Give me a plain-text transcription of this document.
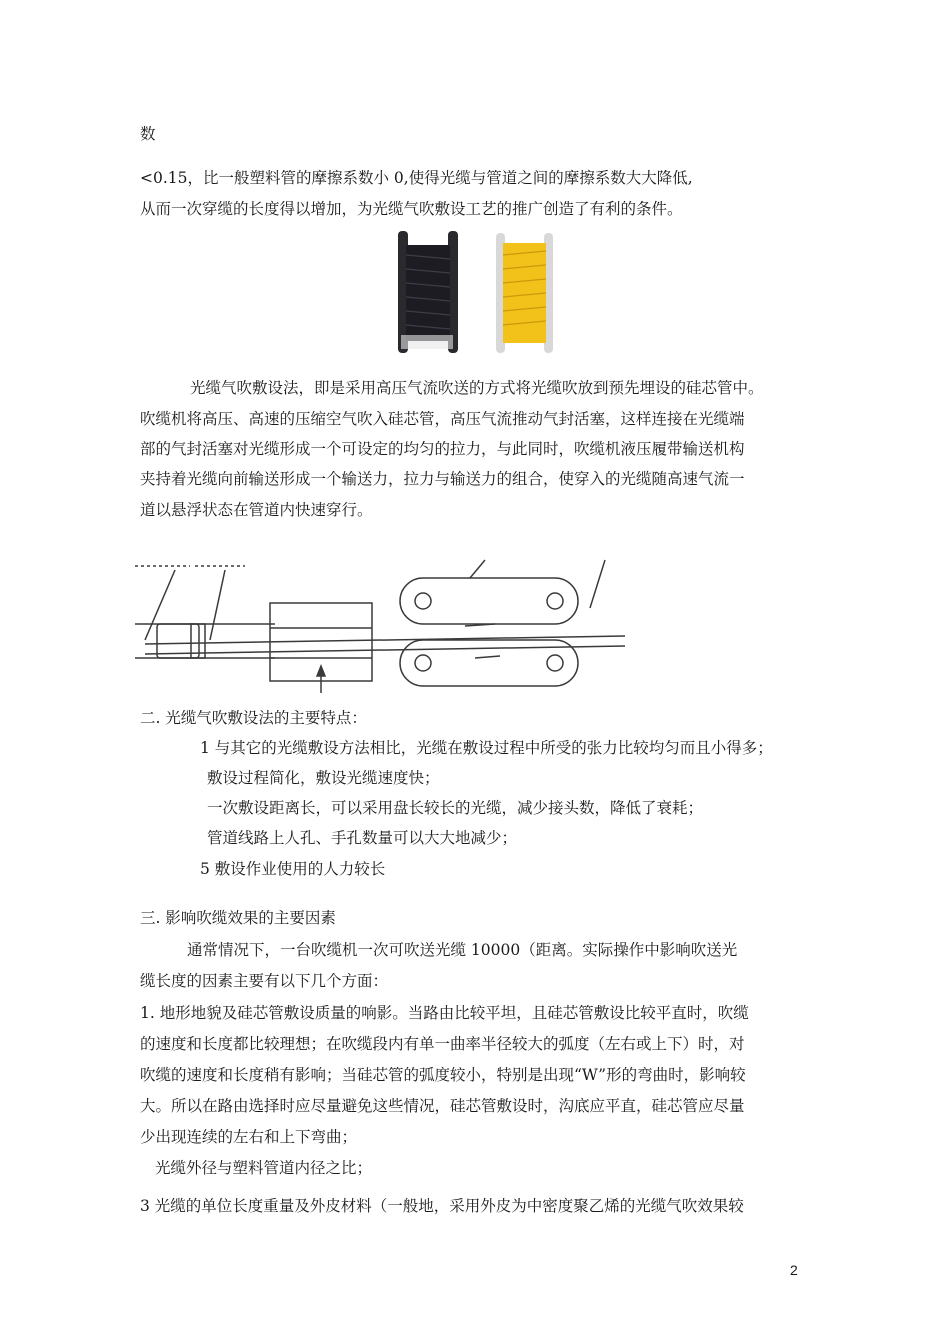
数
<0.15，比一般塑料管的摩擦系数小 0,使得光缆与管道之间的摩擦系数大大降低,
从而一次穿缆的长度得以增加，为光缆气吹敷设工艺的推广创造了有利的条件。
光缆气吹敷设法，即是采用高压气流吹送的方式将光缆吹放到预先埋设的硅芯管中。
吹缆机将高压、高速的压缩空气吹入硅芯管，高压气流推动气封活塞，这样连接在光缆端
部的气封活塞对光缆形成一个可设定的均匀的拉力，与此同时，吹缆机液压履带输送机构
夹持着光缆向前输送形成一个输送力，拉力与输送力的组合，使穿入的光缆随高速气流一
道以悬浮状态在管道内快速穿行。
二. 光缆气吹敷设法的主要特点：
1 与其它的光缆敷设方法相比，光缆在敷设过程中所受的张力比较均匀而且小得多；
敷设过程简化，敷设光缆速度快；
一次敷设距离长，可以采用盘长较长的光缆，减少接头数，降低了衰耗；
管道线路上人孔、手孔数量可以大大地减少；
5 敷设作业使用的人力较长
三. 影响吹缆效果的主要因素
通常情况下，一台吹缆机一次可吹送光缆 10000（距离。实际操作中影响吹送光
缆长度的因素主要有以下几个方面：
1. 地形地貌及硅芯管敷设质量的响影。当路由比较平坦，且硅芯管敷设比较平直时，吹缆
的速度和长度都比较理想；在吹缆段内有单一曲率半径较大的弧度（左右或上下）时，对
吹缆的速度和长度稍有影响；当硅芯管的弧度较小，特别是出现“W”形的弯曲时，影响较
大。所以在路由选择时应尽量避免这些情况，硅芯管敷设时，沟底应平直，硅芯管应尽量
少出现连续的左右和上下弯曲；
光缆外径与塑料管道内径之比；
3 光缆的单位长度重量及外皮材料（一般地，采用外皮为中密度聚乙烯的光缆气吹效果较
2
